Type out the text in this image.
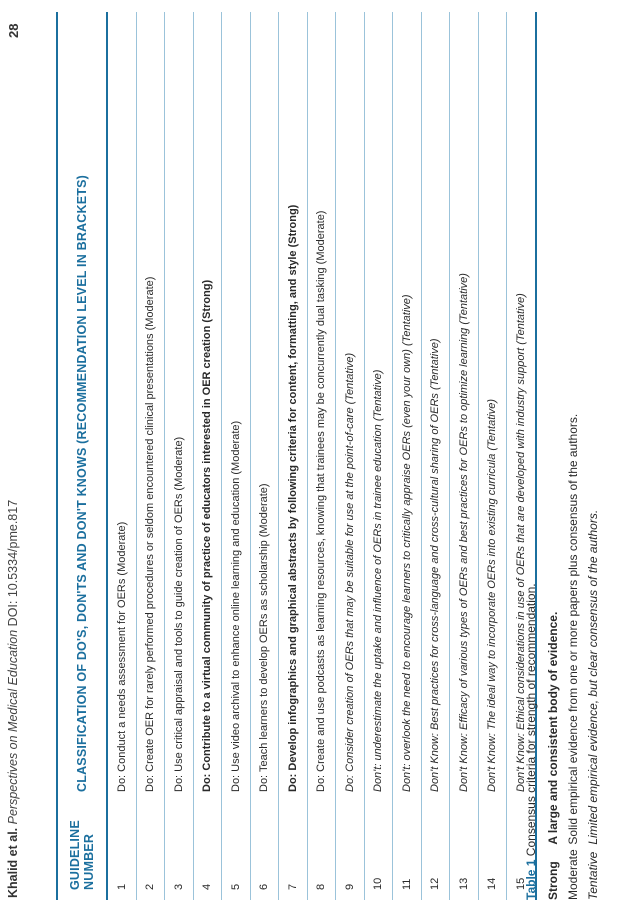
Khalid et al. Perspectives on Medical Education DOI: 10.5334/pme.817
28
GUIDELINE NUMBER	CLASSIFICATION OF DO'S, DON'TS AND DON'T KNOWS (RECOMMENDATION LEVEL IN BRACKETS)
1	Do: Conduct a needs assessment for OERs (Moderate)
2	Do: Create OER for rarely performed procedures or seldom encountered clinical presentations (Moderate)
3	Do: Use critical appraisal and tools to guide creation of OERs (Moderate)
4	Do: Contribute to a virtual community of practice of educators interested in OER creation (Strong)
5	Do: Use video archival to enhance online learning and education (Moderate)
6	Do: Teach learners to develop OERs as scholarship (Moderate)
7	Do: Develop infographics and graphical abstracts by following criteria for content, formatting, and style (Strong)
8	Do: Create and use podcasts as learning resources, knowing that trainees may be concurrently dual tasking (Moderate)
9	Do: Consider creation of OERs that may be suitable for use at the point-of-care (Tentative)
10	Don't: underestimate the uptake and influence of OERs in trainee education (Tentative)
11	Don't: overlook the need to encourage learners to critically appraise OERs (even your own) (Tentative)
12	Don't Know: Best practices for cross-language and cross-cultural sharing of OERs (Tentative)
13	Don't Know: Efficacy of various types of OERs and best practices for OERs to optimize learning (Tentative)
14	Don't Know: The ideal way to incorporate OERs into existing curricula (Tentative)
15	Don't Know: Ethical considerations in use of OERs that are developed with industry support (Tentative)
Table 1 Consensus criteria for strength of recommendation.
Strong A large and consistent body of evidence.
Moderate Solid empirical evidence from one or more papers plus consensus of the authors.
Tentative Limited empirical evidence, but clear consensus of the authors.
